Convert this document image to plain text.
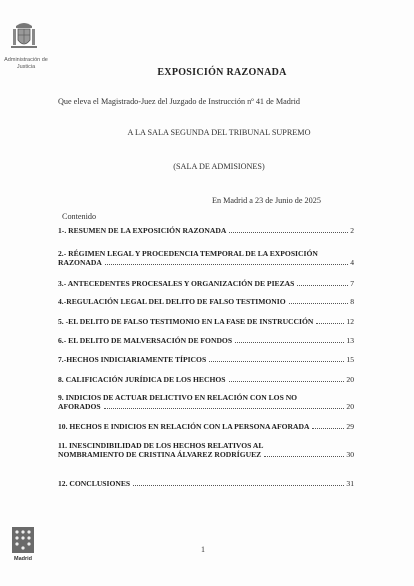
Administración de Justicia
EXPOSICIÓN RAZONADA
Que eleva el Magistrado-Juez del Juzgado de Instrucción nº 41 de Madrid
A LA SALA SEGUNDA DEL TRIBUNAL SUPREMO
(SALA DE ADMISIONES)
En Madrid a 23 de Junio de 2025
Contenido
1-. RESUMEN DE LA EXPOSICIÓN RAZONADA	2
2.- RÉGIMEN LEGAL Y PROCEDENCIA TEMPORAL DE LA EXPOSICIÓN
RAZONADA	4
3.- ANTECEDENTES PROCESALES Y ORGANIZACIÓN DE PIEZAS	7
4.-REGULACIÓN LEGAL DEL DELITO DE FALSO TESTIMONIO	8
5. -EL DELITO DE FALSO TESTIMONIO EN LA FASE DE INSTRUCCIÓN	12
6.- EL DELITO DE MALVERSACIÓN DE FONDOS	13
7.-HECHOS INDICIARIAMENTE TÍPICOS	15
8. CALIFICACIÓN JURÍDICA DE LOS HECHOS	20
9. INDICIOS DE ACTUAR DELICTIVO EN RELACIÓN CON LOS NO
AFORADOS	20
10. HECHOS E INDICIOS EN RELACIÓN CON LA PERSONA AFORADA	29
11. INESCINDIBILIDAD DE LOS HECHOS RELATIVOS AL
NOMBRAMIENTO DE CRISTINA ÁLVAREZ RODRÍGUEZ	30
12. CONCLUSIONES	31
1
Madrid
